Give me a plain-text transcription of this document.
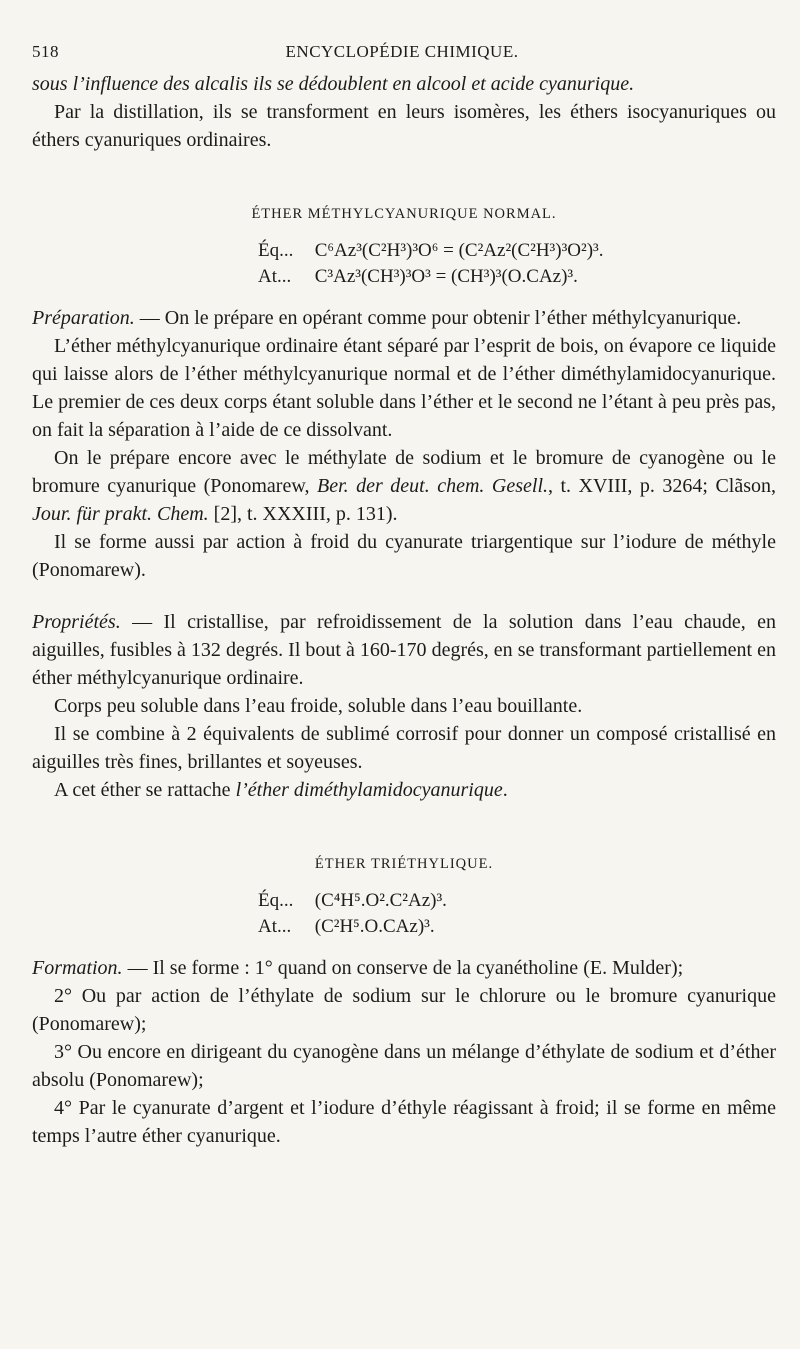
518	ENCYCLOPÉDIE CHIMIQUE.

sous l’influence des alcalis ils se dédoublent en alcool et acide cyanurique.

Par la distillation, ils se transforment en leurs isomères, les éthers isocyanuriques ou éthers cyanuriques ordinaires.

ÉTHER MÉTHYLCYANURIQUE NORMAL.
Éq... C⁶Az³(C²H³)³O⁶ = (C²Az²(C²H³)³O²)³.
At... C³Az³(CH³)³O³ = (CH³)³(O.CAz)³.

Préparation. — On le prépare en opérant comme pour obtenir l’éther méthylcyanurique.

L’éther méthylcyanurique ordinaire étant séparé par l’esprit de bois, on évapore ce liquide qui laisse alors de l’éther méthylcyanurique normal et de l’éther diméthylamidocyanurique. Le premier de ces deux corps étant soluble dans l’éther et le second ne l’étant à peu près pas, on fait la séparation à l’aide de ce dissolvant.

On le prépare encore avec le méthylate de sodium et le bromure de cyanogène ou le bromure cyanurique (Ponomarew, Ber. der deut. chem. Gesell., t. XVIII, p. 3264; Clãson, Jour. für prakt. Chem. [2], t. XXXIII, p. 131).

Il se forme aussi par action à froid du cyanurate triargentique sur l’iodure de méthyle (Ponomarew).

Propriétés. — Il cristallise, par refroidissement de la solution dans l’eau chaude, en aiguilles, fusibles à 132 degrés. Il bout à 160-170 degrés, en se transformant partiellement en éther méthylcyanurique ordinaire.

Corps peu soluble dans l’eau froide, soluble dans l’eau bouillante.

Il se combine à 2 équivalents de sublimé corrosif pour donner un composé cristallisé en aiguilles très fines, brillantes et soyeuses.

A cet éther se rattache l’éther diméthylamidocyanurique.

ÉTHER TRIÉTHYLIQUE.
Éq... (C⁴H⁵.O².C²Az)³.
At... (C²H⁵.O.CAz)³.

Formation. — Il se forme : 1° quand on conserve de la cyanétholine (E. Mulder);

2° Ou par action de l’éthylate de sodium sur le chlorure ou le bromure cyanurique (Ponomarew);

3° Ou encore en dirigeant du cyanogène dans un mélange d’éthylate de sodium et d’éther absolu (Ponomarew);

4° Par le cyanurate d’argent et l’iodure d’éthyle réagissant à froid; il se forme en même temps l’autre éther cyanurique.
